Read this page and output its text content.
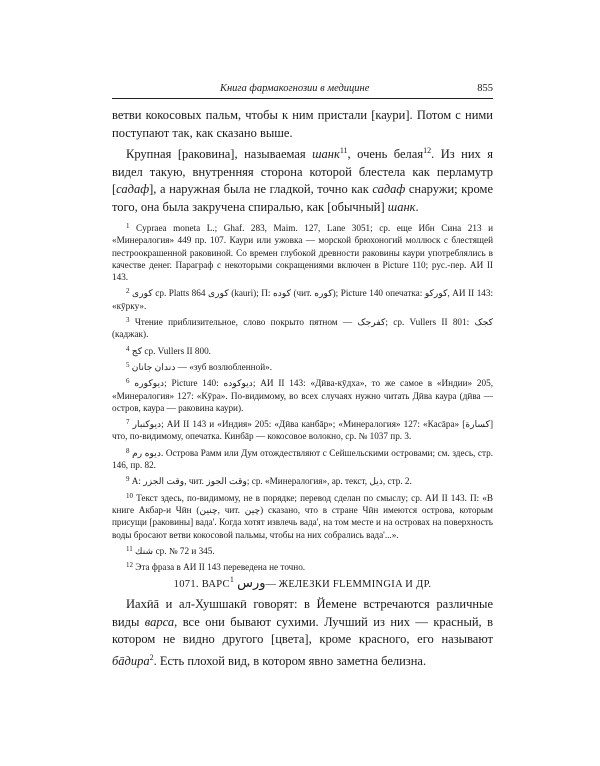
Книга фармакогнозии в медицине	855

ветви кокосовых пальм, чтобы к ним пристали [каури]. Потом с ними поступают так, как сказано выше.

Крупная [раковина], называемая шанк$^{11}$, очень белая$^{12}$. Из них я видел такую, внутренняя сторона которой блестела как перламутр [садаф], а наружная была не гладкой, точно как садаф снаружи; кроме того, она была закручена спиралью, как [обычный] шанк.

$^1$ Cypraea moneta L.; Ghaf. 283, Maim. 127, Lane 3051; ср. еще Ибн Сина 213 и «Минералогия» 449 пр. 107. Каури или ужовка — морской брюхоногий моллюск с блестящей пестроокрашенной раковиной. Со времен глубокой древности раковины каури употреблялись в качестве денег. Параграф с некоторыми сокращениями включен в Picture 110; рус.-пер. АИ II 143.

$^2$ کوری ср. Platts 864 کوری (kauri); П: کوده (чит. کوره); Picture 140 опечатка: کورکو, АИ II 143: «кӯрку».

$^3$ Чтение приблизительное, слово покрыто пятном — کفرجک; ср. Vullers II 801: کجک (каджак).

$^4$ کج ср. Vullers II 800.

$^5$ دندان جانان — «зуб возлюбленной».

$^6$ دیوکوره; Picture 140: دیوکوده; АИ II 143: «Дӣва-кӯдха», то же самое в «Индии» 205, «Минералогия» 127: «Кӯра». По-видимому, во всех случаях нужно читать Дӣва каура (дӣва — остров, каура — раковина каури).

$^7$ دیوکنبار; АИ II 143 и «Индия» 205: «Дӣва канбāр»; «Минералогия» 127: «Касāра» [کسارة] что, по-видимому, опечатка. Кинбāр — кокосовое волокно, ср. № 1037 пр. 3.

$^8$ دیوه رم. Острова Рамм или Дум отождествляют с Сейшельскими островами; см. здесь, стр. 146, пр. 82.

$^9$ А: وقت الجزر, чит. وقت الجوز; ср. «Минералогия», ар. текст, ذیل, стр. 2.

$^{10}$ Текст здесь, по-видимому, не в порядке; перевод сделан по смыслу; ср. АИ II 143. П: «В книге Акбар-и Чӣн (چنین, чит. چین) сказано, что в стране Чӣн имеются острова, которым присущи [раковины] вада'. Когда хотят извлечь вада', на том месте и на островах на поверхность воды бросают ветви кокосовой пальмы, чтобы на них собрались вада'...».

$^{11}$ شنك ср. № 72 и 345.

$^{12}$ Эта фраза в АИ II 143 переведена не точно.

1071. ВАРС$^1$ ورس— ЖЕЛЕЗКИ FLEMMINGIA И ДР.

Иахӣā и ал-Хушшакӣ говорят: в Йемене встречаются различные виды варса, все они бывают сухими. Лучший из них — красный, в котором не видно другого [цвета], кроме красного, его называют бāдира$^2$. Есть плохой вид, в котором явно заметна белизна.
